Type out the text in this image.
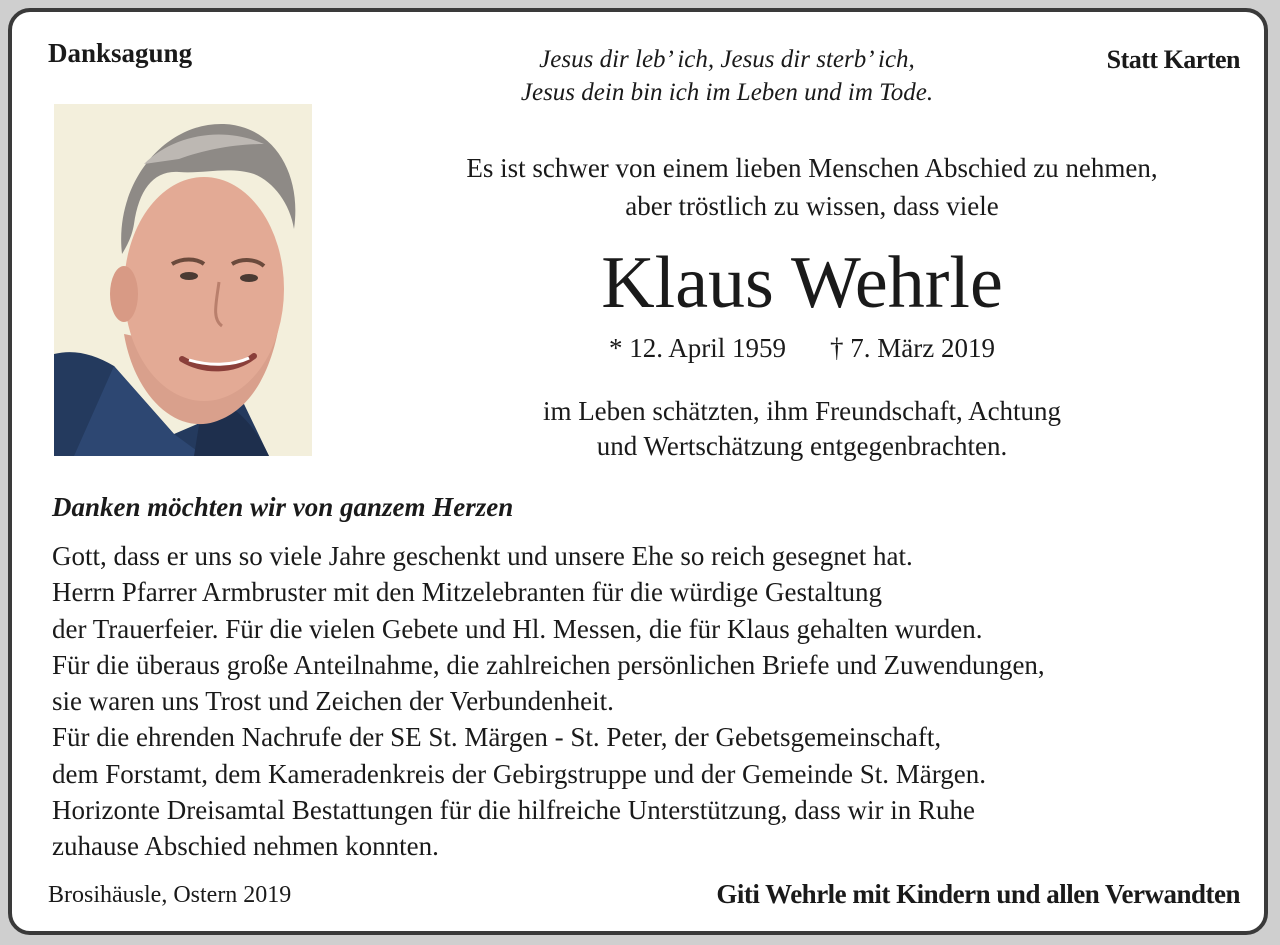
Danksagung	Jesus dir leb’ ich, Jesus dir sterb’ ich,
Jesus dein bin ich im Leben und im Tode.
Statt Karten
Es ist schwer von einem lieben Menschen Abschied zu nehmen,
aber tröstlich zu wissen, dass viele
Klaus Wehrle
* 12. April 1959 † 7. März 2019
im Leben schätzten, ihm Freundschaft, Achtung
und Wertschätzung entgegenbrachten.
Danken möchten wir von ganzem Herzen
Gott, dass er uns so viele Jahre geschenkt und unsere Ehe so reich gesegnet hat.
Herrn Pfarrer Armbruster mit den Mitzelebranten für die würdige Gestaltung
der Trauerfeier. Für die vielen Gebete und Hl. Messen, die für Klaus gehalten wurden.
Für die überaus große Anteilnahme, die zahlreichen persönlichen Briefe und Zuwendungen,
sie waren uns Trost und Zeichen der Verbundenheit.
Für die ehrenden Nachrufe der SE St. Märgen - St. Peter, der Gebetsgemeinschaft,
dem Forstamt, dem Kameradenkreis der Gebirgstruppe und der Gemeinde St. Märgen.
Horizonte Dreisamtal Bestattungen für die hilfreiche Unterstützung, dass wir in Ruhe
zuhause Abschied nehmen konnten.
Brosihäusle, Ostern 2019	Giti Wehrle mit Kindern und allen Verwandten
